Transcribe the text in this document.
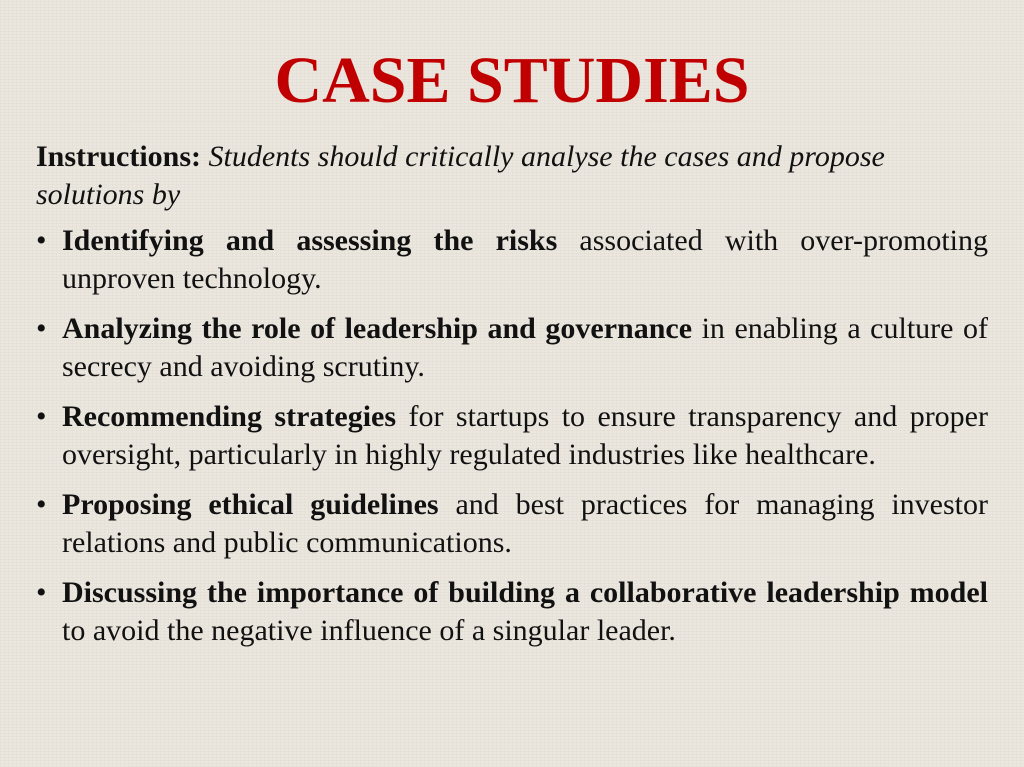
CASE STUDIES

Instructions: Students should critically analyse the cases and propose solutions by

• Identifying and assessing the risks associated with over-promoting unproven technology.
• Analyzing the role of leadership and governance in enabling a culture of secrecy and avoiding scrutiny.
• Recommending strategies for startups to ensure transparency and proper oversight, particularly in highly regulated industries like healthcare.
• Proposing ethical guidelines and best practices for managing investor relations and public communications.
• Discussing the importance of building a collaborative leadership model to avoid the negative influence of a singular leader.
